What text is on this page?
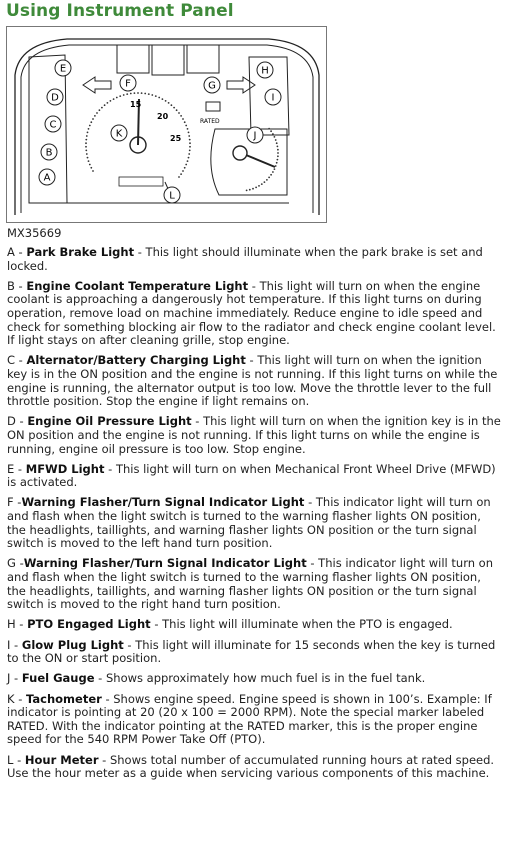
Using Instrument Panel
15
20
25
RATED
A
B
C
D
E
F	G
H
I
J
K
L
MX35669
A - Park Brake Light - This light should illuminate when the park brake is set and locked.
B - Engine Coolant Temperature Light - This light will turn on when the engine coolant is approaching a dangerously hot temperature. If this light turns on during operation, remove load on machine immediately. Reduce engine to idle speed and check for something blocking air flow to the radiator and check engine coolant level. If light stays on after cleaning grille, stop engine.
C - Alternator/Battery Charging Light - This light will turn on when the ignition key is in the ON position and the engine is not running. If this light turns on while the engine is running, the alternator output is too low. Move the throttle lever to the full throttle position. Stop the engine if light remains on.
D - Engine Oil Pressure Light - This light will turn on when the ignition key is in the ON position and the engine is not running. If this light turns on while the engine is running, engine oil pressure is too low. Stop engine.
E - MFWD Light - This light will turn on when Mechanical Front Wheel Drive (MFWD) is activated.
F -Warning Flasher/Turn Signal Indicator Light - This indicator light will turn on and flash when the light switch is turned to the warning flasher lights ON position, the headlights, taillights, and warning flasher lights ON position or the turn signal switch is moved to the left hand turn position.
G -Warning Flasher/Turn Signal Indicator Light - This indicator light will turn on and flash when the light switch is turned to the warning flasher lights ON position, the headlights, taillights, and warning flasher lights ON position or the turn signal switch is moved to the right hand turn position.
H - PTO Engaged Light - This light will illuminate when the PTO is engaged.
I - Glow Plug Light - This light will illuminate for 15 seconds when the key is turned to the ON or start position.
J - Fuel Gauge - Shows approximately how much fuel is in the fuel tank.
K - Tachometer - Shows engine speed. Engine speed is shown in 100’s. Example: If indicator is pointing at 20 (20 x 100 = 2000 RPM). Note the special marker labeled RATED. With the indicator pointing at the RATED marker, this is the proper engine speed for the 540 RPM Power Take Off (PTO).
L - Hour Meter - Shows total number of accumulated running hours at rated speed. Use the hour meter as a guide when servicing various components of this machine.
